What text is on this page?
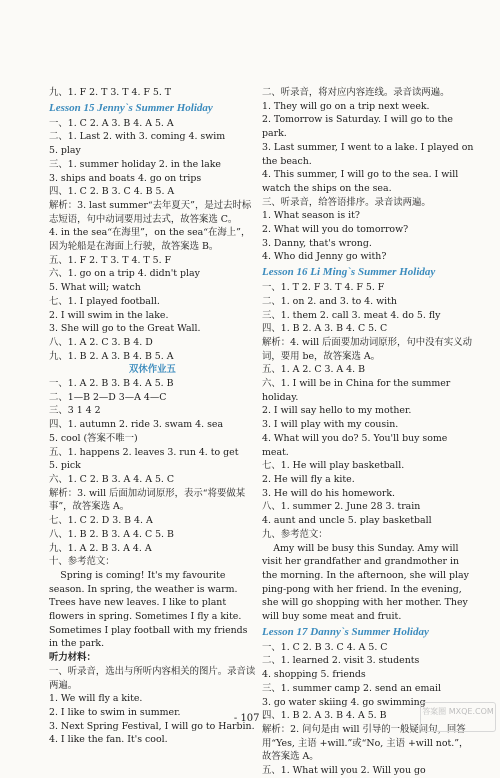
九、1. F 2. T 3. T 4. F 5. T
Lesson 15 Jenny`s Summer Holiday
一、1. C 2. A 3. B 4. A 5. A
二、1. Last 2. with 3. coming 4. swim
5. play
三、1. summer holiday 2. in the lake
3. ships and boats 4. go on trips
四、1. C 2. B 3. C 4. B 5. A
解析：3. last summer“去年夏天”，是过去时标志短语，句中动词要用过去式，故答案选 C。
4. in the sea“在海里”，on the sea“在海上”，因为轮船是在海面上行驶，故答案选 B。
五、1. F 2. T 3. T 4. T 5. F
六、1. go on a trip 4. didn't play
5. What will; watch
七、1. I played football.
2. I will swim in the lake.
3. She will go to the Great Wall.
八、1. A 2. C 3. B 4. D
九、1. B 2. A 3. B 4. B 5. A
双休作业五
一、1. A 2. B 3. B 4. A 5. B
二、1—B 2—D 3—A 4—C
三、3 1 4 2
四、1. autumn 2. ride 3. swam 4. sea
5. cool (答案不唯一)
五、1. happens 2. leaves 3. run 4. to get
5. pick
六、1. C 2. B 3. A 4. A 5. C
解析：3. will 后面加动词原形，表示“将要做某事”，故答案选 A。
七、1. C 2. D 3. B 4. A
八、1. B 2. B 3. A 4. C 5. B
九、1. A 2. B 3. A 4. A
十、参考范文：
Spring is coming! It's my favourite season. In spring, the weather is warm. Trees have new leaves. I like to plant flowers in spring. Sometimes I fly a kite. Sometimes I play football with my friends in the park.
听力材料：
一、听录音，选出与所听内容相关的图片。录音读两遍。
1. We will fly a kite.
2. I like to swim in summer.
3. Next Spring Festival, I will go to Harbin.
4. I like the fan. It's cool.
二、听录音，将对应内容连线。录音读两遍。
1. They will go on a trip next week.
2. Tomorrow is Saturday. I will go to the park.
3. Last summer, I went to a lake. I played on the beach.
4. This summer, I will go to the sea. I will watch the ships on the sea.
三、听录音，给答语排序。录音读两遍。
1. What season is it?
2. What will you do tomorrow?
3. Danny, that's wrong.
4. Who did Jenny go with?
Lesson 16 Li Ming`s Summer Holiday
一、1. T 2. F 3. T 4. F 5. F
二、1. on 2. and 3. to 4. with
三、1. them 2. call 3. meat 4. do 5. fly
四、1. B 2. A 3. B 4. C 5. C
解析：4. will 后面要加动词原形，句中没有实义动词，要用 be，故答案选 A。
五、1. A 2. C 3. A 4. B
六、1. I will be in China for the summer holiday.
2. I will say hello to my mother.
3. I will play with my cousin.
4. What will you do? 5. You'll buy some meat.
七、1. He will play basketball.
2. He will fly a kite.
3. He will do his homework.
八、1. summer 2. June 28 3. train
4. aunt and uncle 5. play basketball
九、参考范文：
Amy will be busy this Sunday. Amy will visit her grandfather and grandmother in the morning. In the afternoon, she will play ping-pong with her friend. In the evening, she will go shopping with her mother. They will buy some meat and fruit.
Lesson 17 Danny`s Summer Holiday
一、1. C 2. B 3. C 4. A 5. C
二、1. learned 2. visit 3. students
4. shopping 5. friends
三、1. summer camp 2. send an email
3. go water skiing 4. go swimming
四、1. B 2. A 3. B 4. A 5. B
解析：2. 问句是由 will 引导的一般疑问句，回答用“Yes, 主语 +will.”或“No, 主语 +will not.”，故答案选 A。
五、1. What will you 2. Will you go
- 107 -
答案圈 MXQE.COM
